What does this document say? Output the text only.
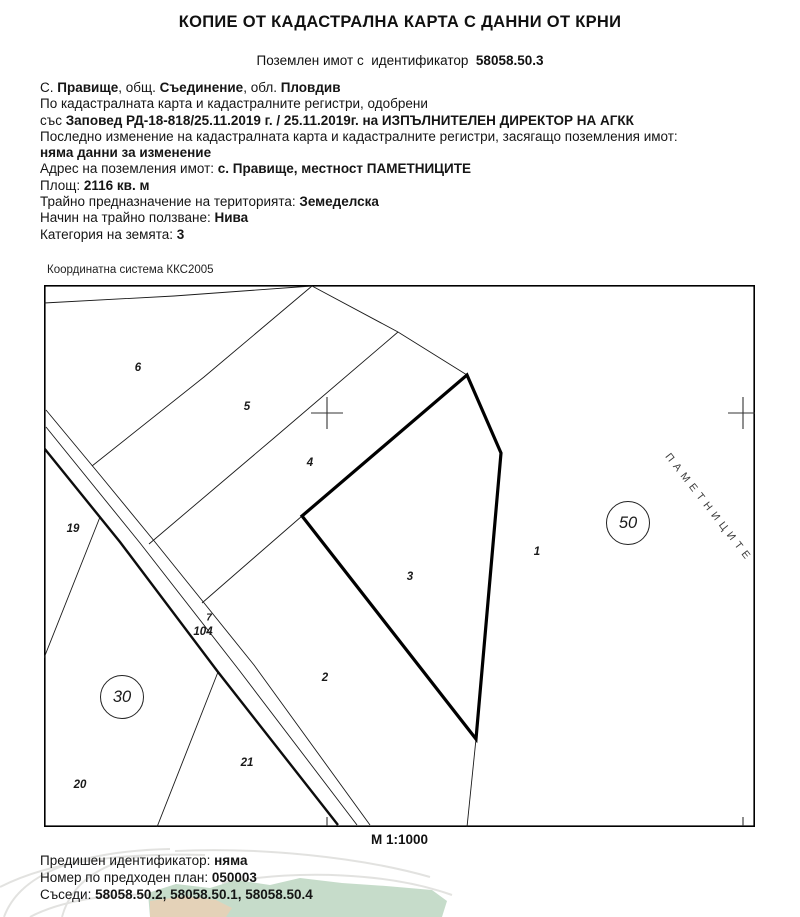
КОПИЕ ОТ КАДАСТРАЛНА КАРТА С ДАННИ ОТ КРНИ
Поземлен имот с  идентификатор  58058.50.3
С. Правище, общ. Съединение, обл. Пловдив
По кадастралната карта и кадастралните регистри, одобрени
със Заповед РД-18-818/25.11.2019 г. / 25.11.2019г. на ИЗПЪЛНИТЕЛЕН ДИРЕКТОР НА АГКК
Последно изменение на кадастралната карта и кадастралните регистри, засягащо поземления имот:
няма данни за изменение
Адрес на поземления имот: с. Правище, местност ПАМЕТНИЦИТЕ
Площ: 2116 кв. м
Трайно предназначение на територията: Земеделска
Начин на трайно ползване: Нива
Категория на земята: 3
Координатна система ККС2005
6
5
4
3
1
2
19
20
21
104
7
30
50 ПАМЕТНИЦИТЕ
М 1:1000
Предишен идентификатор: няма
Номер по предходен план: 050003
Съседи: 58058.50.2, 58058.50.1, 58058.50.4
